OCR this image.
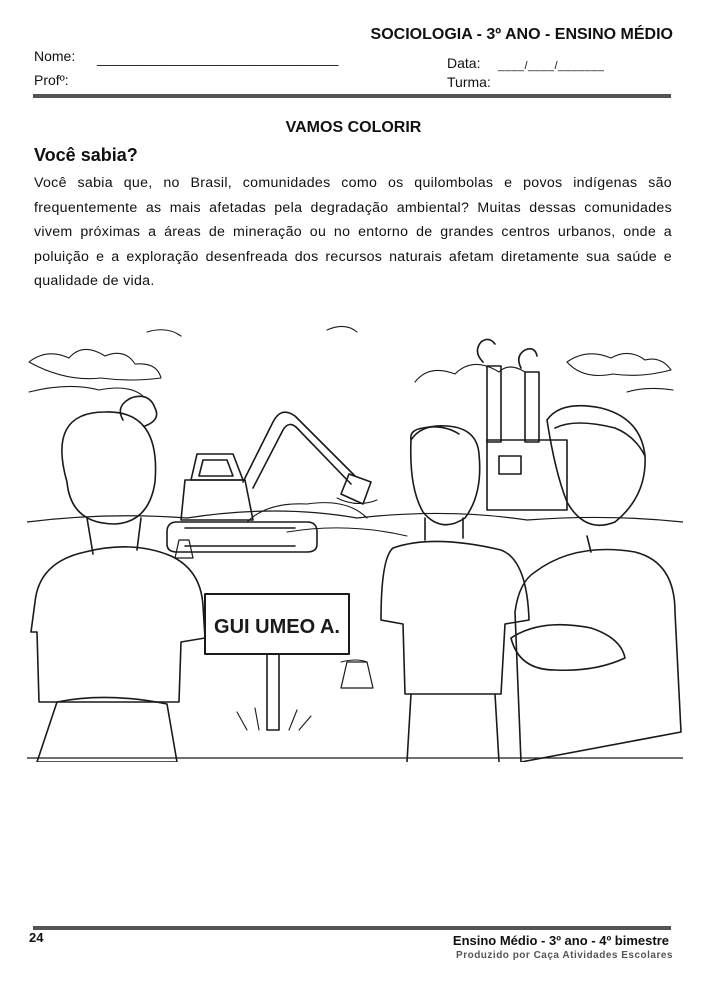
SOCIOLOGIA - 3º ANO - ENSINO MÉDIO
Nome: _______________________________
Profº:
Data: ____/____/_______
Turma:
VAMOS COLORIR
Você sabia?
Você sabia que, no Brasil, comunidades como os quilombolas e povos indígenas são frequentemente as mais afetadas pela degradação ambiental? Muitas dessas comunidades vivem próximas a áreas de mineração ou no entorno de grandes centros urbanos, onde a poluição e a exploração desenfreada dos recursos naturais afetam diretamente sua saúde e qualidade de vida.
GUI UMEO A.
24	Ensino Médio - 3º ano - 4º bimestre
Produzido por Caça Atividades Escolares
